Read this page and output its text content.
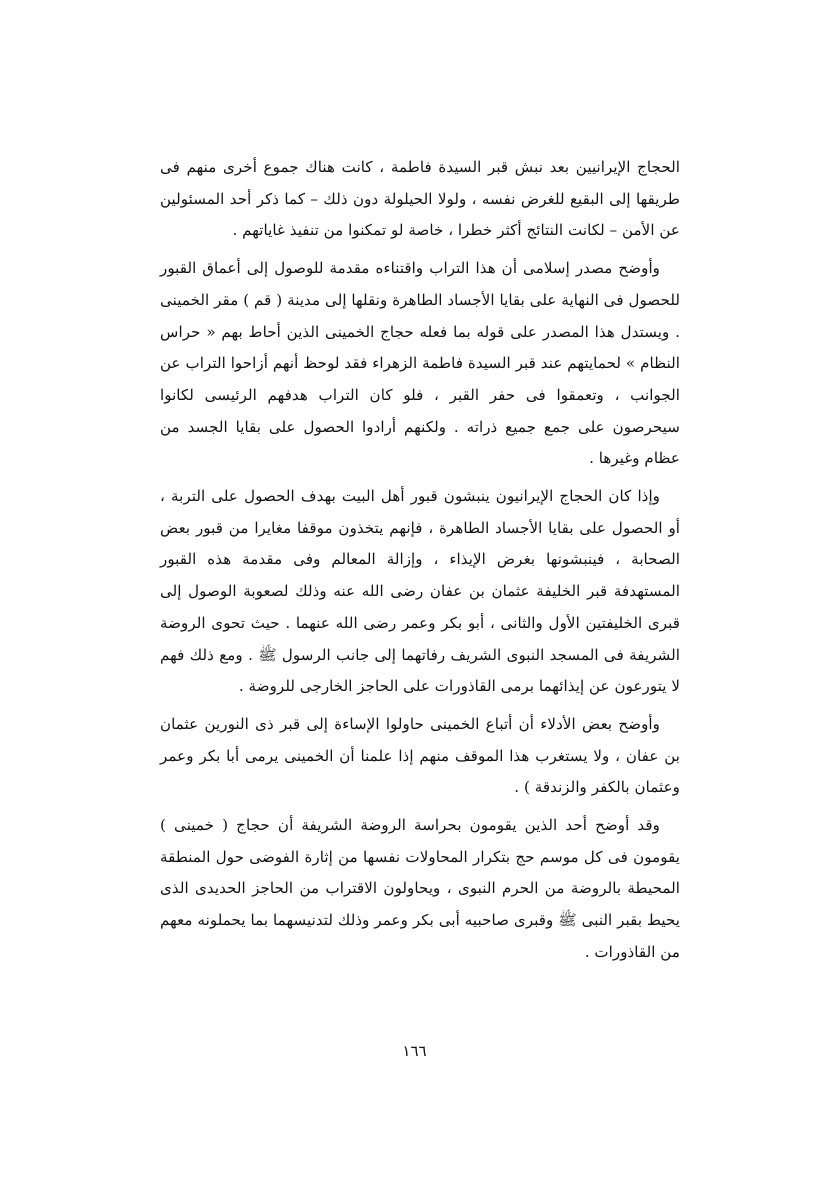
الحجاج الإيرانيين بعد نبش قبر السيدة فاطمة ، كانت هناك جموع أخرى منهم فى طريقها إلى البقيع للغرض نفسه ، ولولا الحيلولة دون ذلك – كما ذكر أحد المسئولين عن الأمن – لكانت النتائج أكثر خطرا ، خاصة لو تمكنوا من تنفيذ غاياتهم .

وأوضح مصدر إسلامى أن هذا التراب واقتناءه مقدمة للوصول إلى أعماق القبور للحصول فى النهاية على بقايا الأجساد الطاهرة ونقلها إلى مدينة ( قم ) مقر الخمينى . ويستدل هذا المصدر على قوله بما فعله حجاج الخمينى الذين أحاط بهم « حراس النظام » لحمايتهم عند قبر السيدة فاطمة الزهراء فقد لوحظ أنهم أزاحوا التراب عن الجوانب ، وتعمقوا فى حفر القبر ، فلو كان التراب هدفهم الرئيسى لكانوا سيحرصون على جمع جميع ذراته . ولكنهم أرادوا الحصول على بقايا الجسد من عظام وغيرها .

وإذا كان الحجاج الإيرانيون ينبشون قبور أهل البيت بهدف الحصول على التربة ، أو الحصول على بقايا الأجساد الطاهرة ، فإنهم يتخذون موقفا مغايرا من قبور بعض الصحابة ، فينبشونها بغرض الإيذاء ، وإزالة المعالم وفى مقدمة هذه القبور المستهدفة قبر الخليفة عثمان بن عفان رضى الله عنه وذلك لصعوبة الوصول إلى قبرى الخليفتين الأول والثانى ، أبو بكر وعمر رضى الله عنهما . حيث تحوى الروضة الشريفة فى المسجد النبوى الشريف رفاتهما إلى جانب الرسول ﷺ . ومع ذلك فهم لا يتورعون عن إيذائهما برمى القاذورات على الحاجز الخارجى للروضة .

وأوضح بعض الأدلاء أن أتباع الخمينى حاولوا الإساءة إلى قبر ذى النورين عثمان بن عفان ، ولا يستغرب هذا الموقف منهم إذا علمنا أن الخمينى يرمى أبا بكر وعمر وعثمان بالكفر والزندقة ) .

وقد أوضح أحد الذين يقومون بحراسة الروضة الشريفة أن حجاج ( خمينى ) يقومون فى كل موسم حج بتكرار المحاولات نفسها من إثارة الفوضى حول المنطقة المحيطة بالروضة من الحرم النبوى ، ويحاولون الاقتراب من الحاجز الحديدى الذى يحيط بقبر النبى ﷺ وقبرى صاحبيه أبى بكر وعمر وذلك لتدنيسهما بما يحملونه معهم من القاذورات .

١٦٦
